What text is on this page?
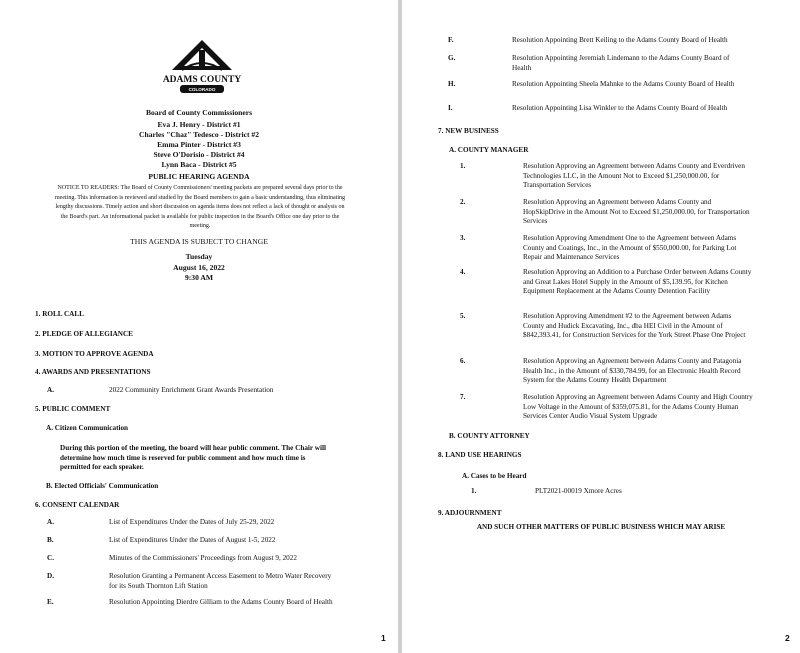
ADAMS COUNTY
COLORADO
Board of County Commissioners
Eva J. Henry - District #1
Charles "Chaz" Tedesco - District #2
Emma Pinter - District #3
Steve O'Dorisio - District #4
Lynn Baca - District #5
PUBLIC HEARING AGENDA
NOTICE TO READERS: The Board of County Commissioners' meeting packets are prepared several days prior to the meeting. This information is reviewed and studied by the Board members to gain a basic understanding, thus eliminating lengthy discussions. Timely action and short discussion on agenda items does not reflect a lack of thought or analysis on the Board's part. An informational packet is available for public inspection in the Board's Office one day prior to the meeting.
THIS AGENDA IS SUBJECT TO CHANGE
Tuesday
August 16, 2022
9:30 AM
1. ROLL CALL
2. PLEDGE OF ALLEGIANCE
3. MOTION TO APPROVE AGENDA
4. AWARDS AND PRESENTATIONS
A.	2022 Community Enrichment Grant Awards Presentation
5. PUBLIC COMMENT
A. Citizen Communication
During this portion of the meeting, the board will hear public comment. The Chair will determine how much time is reserved for public comment and how much time is permitted for each speaker.
B. Elected Officials' Communication
6. CONSENT CALENDAR
A.	List of Expenditures Under the Dates of July 25-29, 2022
B.	List of Expenditures Under the Dates of August 1-5, 2022
C.	Minutes of the Commissioners' Proceedings from August 9, 2022
D.	Resolution Granting a Permanent Access Easement to Metro Water Recovery for its South Thornton Lift Station
E.	Resolution Appointing Dierdre Gilliam to the Adams County Board of Health
1
F.	Resolution Appointing Brett Keiling to the Adams County Board of Health
G.	Resolution Appointing Jeremiah Lindemann to the Adams County Board of Health
H.	Resolution Appointing Sheela Mahnke to the Adams County Board of Health
I.	Resolution Appointing Lisa Winkler to the Adams County Board of Health
7. NEW BUSINESS
A. COUNTY MANAGER
1.	Resolution Approving an Agreement between Adams County and Everdriven Technologies LLC, in the Amount Not to Exceed $1,250,000.00, for Transportation Services
2.	Resolution Approving an Agreement between Adams County and HopSkipDrive in the Amount Not to Exceed $1,250,000.00, for Transportation Services
3.	Resolution Approving Amendment One to the Agreement between Adams County and Coatings, Inc., in the Amount of $550,000.00, for Parking Lot Repair and Maintenance Services
4.	Resolution Approving an Addition to a Purchase Order between Adams County and Great Lakes Hotel Supply in the Amount of $5,139.95, for Kitchen Equipment Replacement at the Adams County Detention Facility
5.	Resolution Approving Amendment #2 to the Agreement between Adams County and Hudick Excavating, Inc., dba HEI Civil in the Amount of $842,393.41, for Construction Services for the York Street Phase One Project
6.	Resolution Approving an Agreement between Adams County and Patagonia Health Inc., in the Amount of $330,784.99, for an Electronic Health Record System for the Adams County Health Department
7.	Resolution Approving an Agreement between Adams County and High Country Low Voltage in the Amount of $359,075.81, for the Adams County Human Services Center Audio Visual System Upgrade
B. COUNTY ATTORNEY
8. LAND USE HEARINGS
A. Cases to be Heard
1.	PLT2021-00019 Xmore Acres
9. ADJOURNMENT
AND SUCH OTHER MATTERS OF PUBLIC BUSINESS WHICH MAY ARISE
2
